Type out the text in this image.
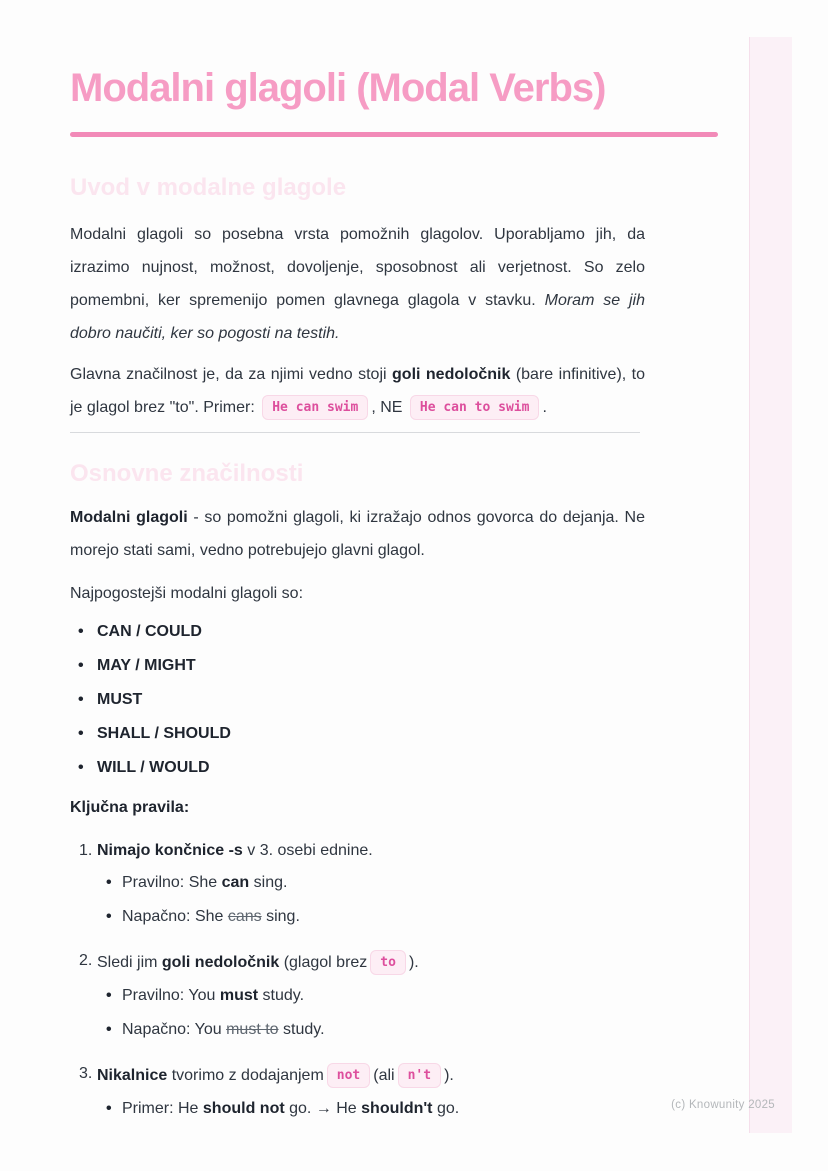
Modalni glagoli (Modal Verbs)
Uvod v modalne glagole

Modalni glagoli so posebna vrsta pomožnih glagolov. Uporabljamo jih, da izrazimo nujnost, možnost, dovoljenje, sposobnost ali verjetnost. So zelo pomembni, ker spremenijo pomen glavnega glagola v stavku. Moram se jih dobro naučiti, ker so pogosti na testih.

Glavna značilnost je, da za njimi vedno stoji goli nedoločnik (bare infinitive), to je glagol brez "to". Primer: He can swim , NE He can to swim .

Osnovne značilnosti

Modalni glagoli - so pomožni glagoli, ki izražajo odnos govorca do dejanja. Ne morejo stati sami, vedno potrebujejo glavni glagol.

Najpogostejši modalni glagoli so:

• CAN / COULD
• MAY / MIGHT
• MUST
• SHALL / SHOULD
• WILL / WOULD

Ključna pravila:

1. Nimajo končnice -s v 3. osebi ednine.
• Pravilno: She can sing.
• Napačno: She cans sing.
2. Sledi jim goli nedoločnik (glagol brez to ).
• Pravilno: You must study.
• Napačno: You must to study.
3. Nikalnice tvorimo z dodajanjem not (ali n't ).
• Primer: He should not go. → He shouldn't go.	(c) Knowunity 2025
